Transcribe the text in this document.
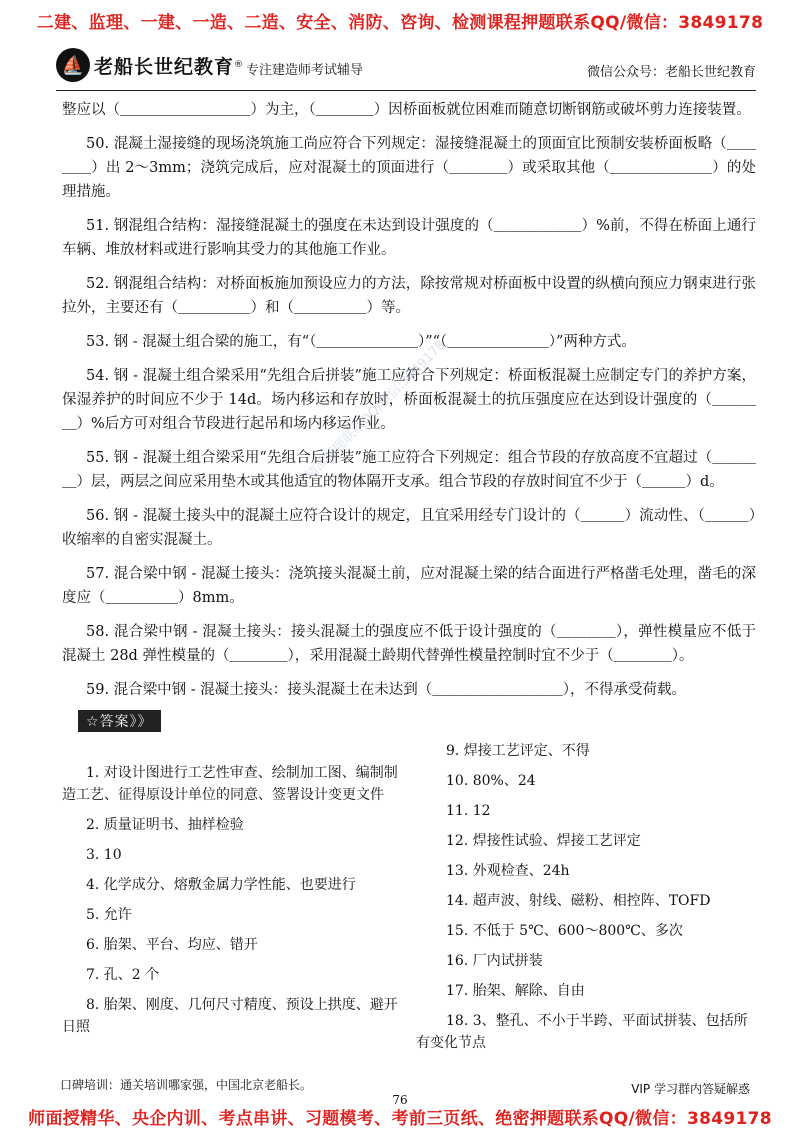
二建、监理、一建、一造、二造、安全、消防、咨询、检测课程押题联系QQ/微信：3849178
⛵ 老船长世纪教育 ® 专注建造师考试辅导	微信公众号：老船长世纪教育

整应以（＿＿＿＿＿＿＿＿＿）为主，（＿＿＿＿）因桥面板就位困难而随意切断钢筋或破坏剪力连接装置。

50. 混凝土湿接缝的现场浇筑施工尚应符合下列规定：湿接缝混凝土的顶面宜比预制安装桥面板略（＿＿＿＿）出 2～3mm；浇筑完成后，应对混凝土的顶面进行（＿＿＿＿）或采取其他（＿＿＿＿＿＿＿）的处理措施。

51. 钢混组合结构：湿接缝混凝土的强度在未达到设计强度的（＿＿＿＿＿＿）%前，不得在桥面上通行车辆、堆放材料或进行影响其受力的其他施工作业。

52. 钢混组合结构：对桥面板施加预设应力的方法，除按常规对桥面板中设置的纵横向预应力钢束进行张拉外，主要还有（＿＿＿＿＿）和（＿＿＿＿＿）等。

53. 钢 - 混凝土组合梁的施工，有“（＿＿＿＿＿＿＿）”“（＿＿＿＿＿＿＿）”两种方式。

54. 钢 - 混凝土组合梁采用“先组合后拼装”施工应符合下列规定：桥面板混凝土应制定专门的养护方案，保湿养护的时间应不少于 14d。场内移运和存放时，桥面板混凝土的抗压强度应在达到设计强度的（＿＿＿＿）%后方可对组合节段进行起吊和场内移运作业。

55. 钢 - 混凝土组合梁采用“先组合后拼装”施工应符合下列规定：组合节段的存放高度不宜超过（＿＿＿＿）层，两层之间应采用垫木或其他适宜的物体隔开支承。组合节段的存放时间宜不少于（＿＿＿）d。

56. 钢 - 混凝土接头中的混凝土应符合设计的规定，且宜采用经专门设计的（＿＿＿）流动性、（＿＿＿）收缩率的自密实混凝土。

57. 混合梁中钢 - 混凝土接头：浇筑接头混凝土前，应对混凝土梁的结合面进行严格凿毛处理，凿毛的深度应（＿＿＿＿＿）8mm。

58. 混合梁中钢 - 混凝土接头：接头混凝土的强度应不低于设计强度的（＿＿＿＿），弹性模量应不低于混凝土 28d 弹性模量的（＿＿＿＿），采用混凝土龄期代替弹性模量控制时宜不少于（＿＿＿＿）。

59. 混合梁中钢 - 混凝土接头：接头混凝土在未达到（＿＿＿＿＿＿＿＿＿），不得承受荷载。

☆答案》》

1. 对设计图进行工艺性审查、绘制加工图、编制制造工艺、征得原设计单位的同意、签署设计变更文件

2. 质量证明书、抽样检验

3. 10

4. 化学成分、熔敷金属力学性能、也要进行

5. 允许

6. 胎架、平台、均应、错开

7. 孔、2 个

8. 胎架、刚度、几何尺寸精度、预设上拱度、避开日照

9. 焊接工艺评定、不得

10. 80%、24

11. 12

12. 焊接性试验、焊接工艺评定

13. 外观检查、24h

14. 超声波、射线、磁粉、相控阵、TOFD

15. 不低于 5℃、600～800℃、多次

16. 厂内试拼装

17. 胎架、解除、自由

18. 3、整孔、不小于半跨、平面试拼装、包括所有变化节点

精准押题联系QQ/微信:3849178
口碑培训：通关培训哪家强，中国北京老船长。	VIP 学习群内答疑解惑
76
师面授精华、央企内训、考点串讲、习题模考、考前三页纸、绝密押题联系QQ/微信：3849178
